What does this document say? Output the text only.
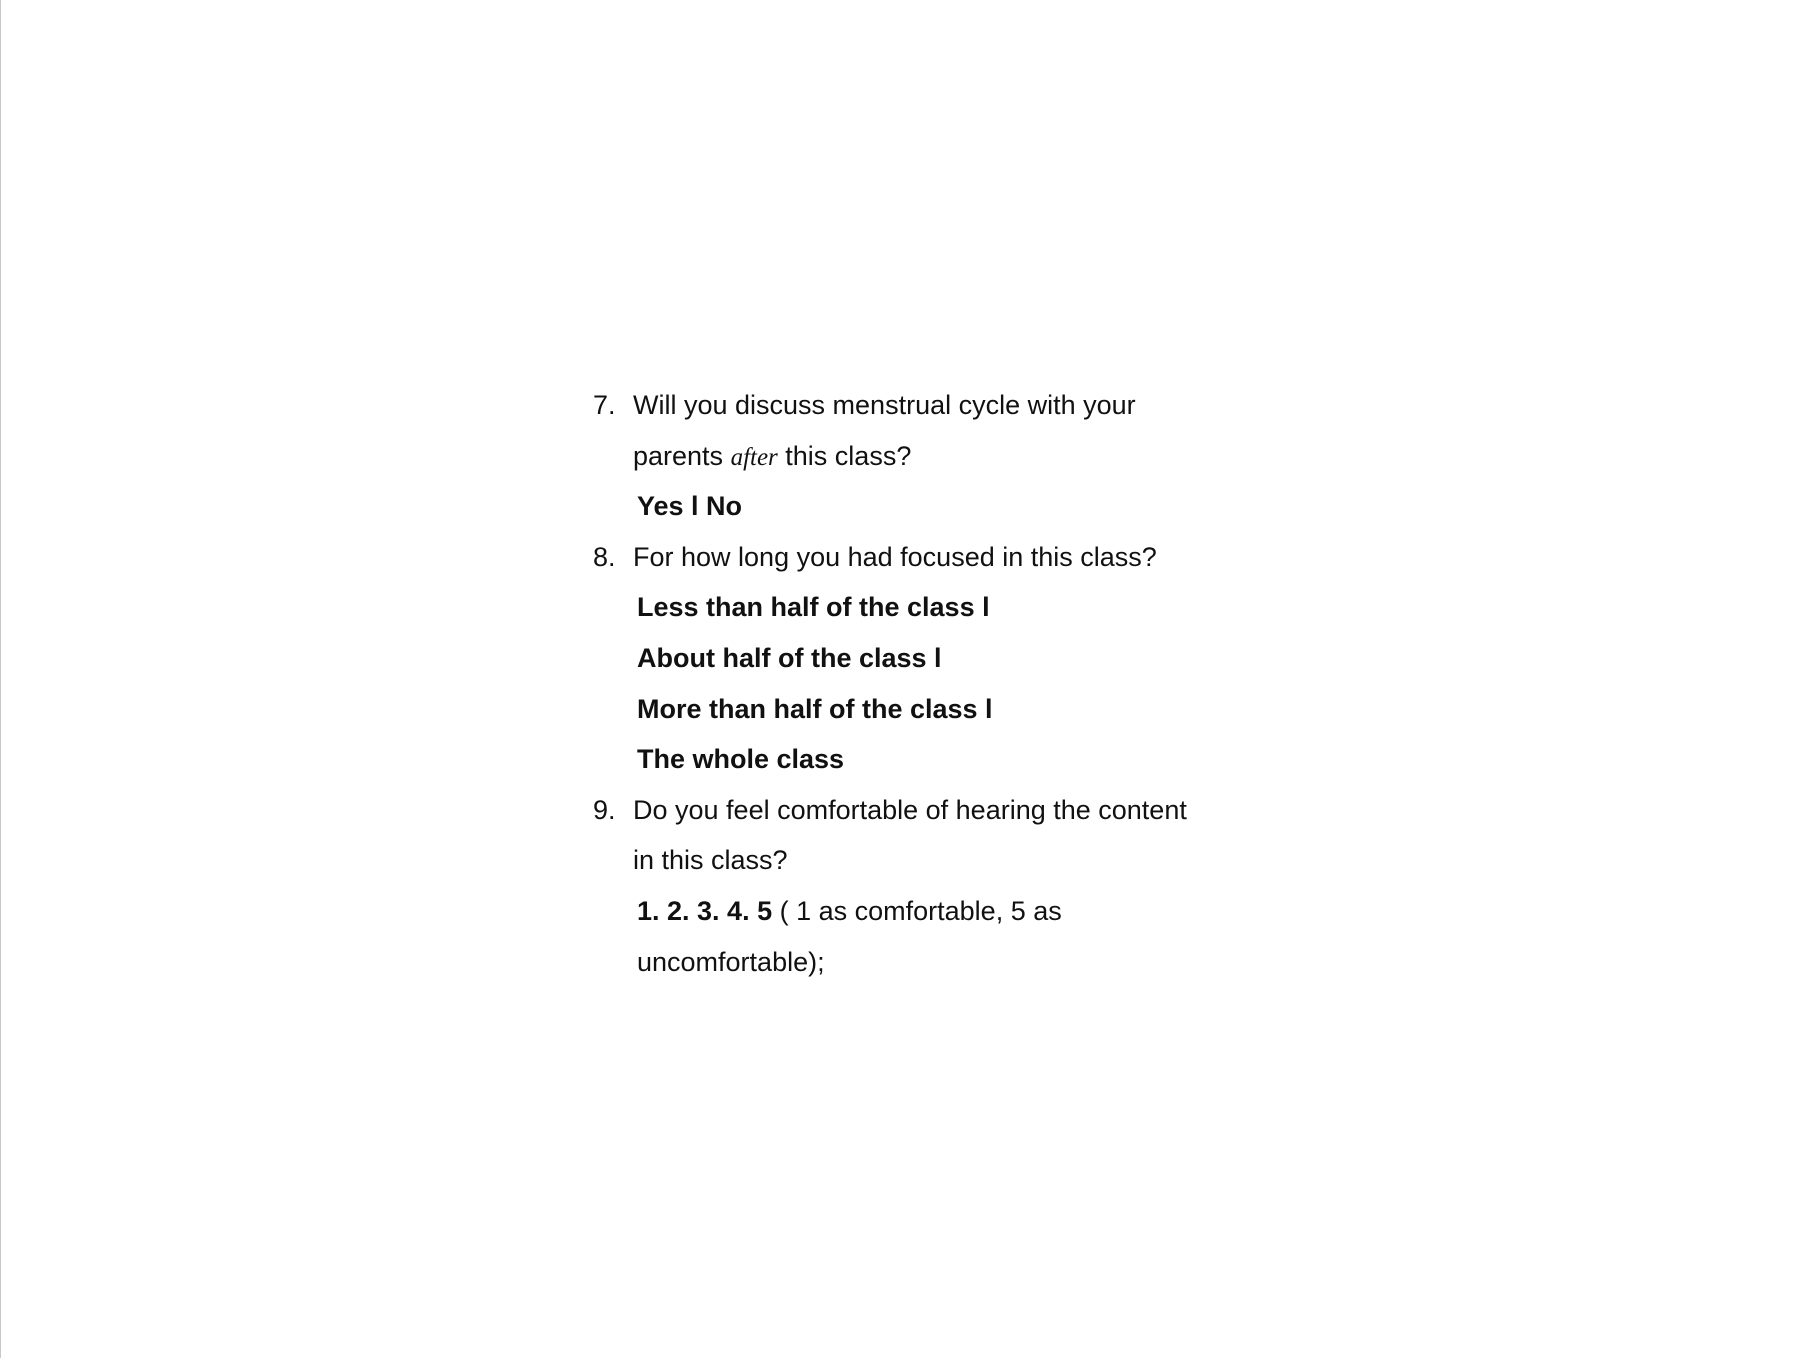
7. Will you discuss menstrual cycle with your
parents after this class?
Yes l No
8. For how long you had focused in this class?
Less than half of the class l
About half of the class l
More than half of the class l
The whole class
9. Do you feel comfortable of hearing the content
in this class?
1. 2. 3. 4. 5 ( 1 as comfortable, 5 as
uncomfortable);
